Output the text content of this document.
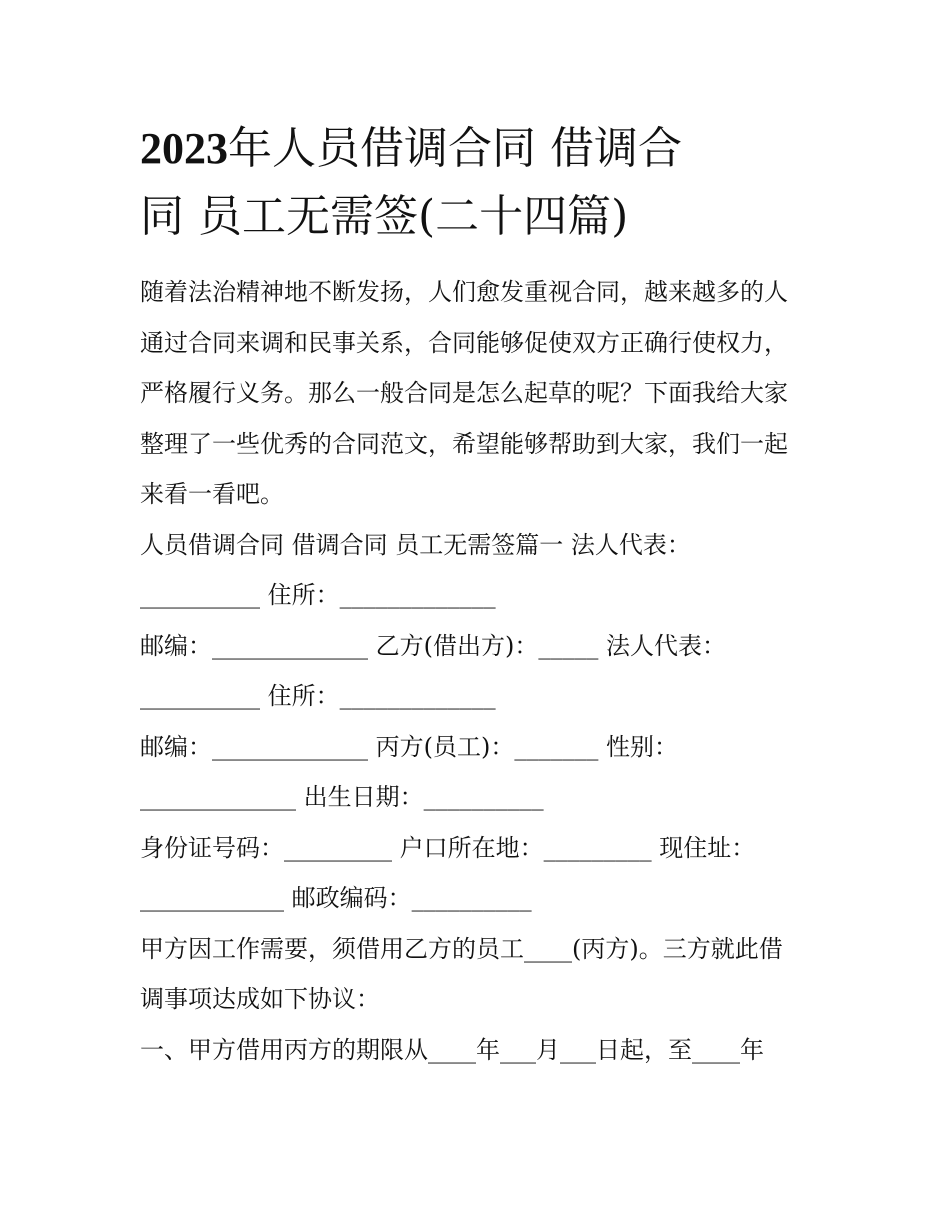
2023年人员借调合同 借调合
同 员工无需签(二十四篇)
随着法治精神地不断发扬，人们愈发重视合同，越来越多的人
通过合同来调和民事关系，合同能够促使双方正确行使权力，
严格履行义务。那么一般合同是怎么起草的呢？下面我给大家
整理了一些优秀的合同范文，希望能够帮助到大家，我们一起
来看一看吧。
人员借调合同 借调合同 员工无需签篇一 法人代表：
__________ 住所：_____________
邮编：_____________ 乙方(借出方)：_____ 法人代表：
__________ 住所：_____________
邮编：_____________ 丙方(员工)：_______ 性别：
_____________ 出生日期：__________
身份证号码：_________ 户口所在地：_________ 现住址：
____________ 邮政编码：__________
甲方因工作需要，须借用乙方的员工____(丙方)。三方就此借
调事项达成如下协议：
一、甲方借用丙方的期限从____年___月___日起，至____年
